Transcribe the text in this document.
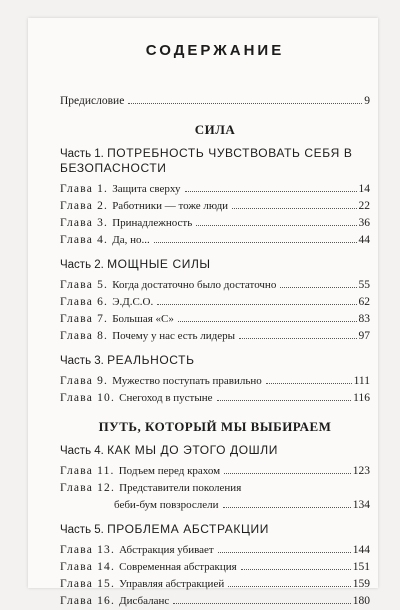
СОДЕРЖАНИЕ
Предисловие	9
СИЛА
Часть 1. ПОТРЕБНОСТЬ ЧУВСТВОВАТЬ СЕБЯ В БЕЗОПАСНОСТИ
Глава 1. Защита сверху	14
Глава 2. Работники — тоже люди	22
Глава 3. Принадлежность	36
Глава 4. Да, но...	44
Часть 2. МОЩНЫЕ СИЛЫ
Глава 5. Когда достаточно было достаточно	55
Глава 6. Э.Д.С.О.	62
Глава 7. Большая «С»	83
Глава 8. Почему у нас есть лидеры	97
Часть 3. РЕАЛЬНОСТЬ
Глава 9. Мужество поступать правильно	111
Глава 10. Снегоход в пустыне	116
ПУТЬ, КОТОРЫЙ МЫ ВЫБИРАЕМ
Часть 4. КАК МЫ ДО ЭТОГО ДОШЛИ
Глава 11. Подъем перед крахом	123
Глава 12. Представители поколения
беби-бум повзрослели	134
Часть 5. ПРОБЛЕМА АБСТРАКЦИИ
Глава 13. Абстракция убивает	144
Глава 14. Современная абстракция	151
Глава 15. Управляя абстракцией	159
Глава 16. Дисбаланс	180
